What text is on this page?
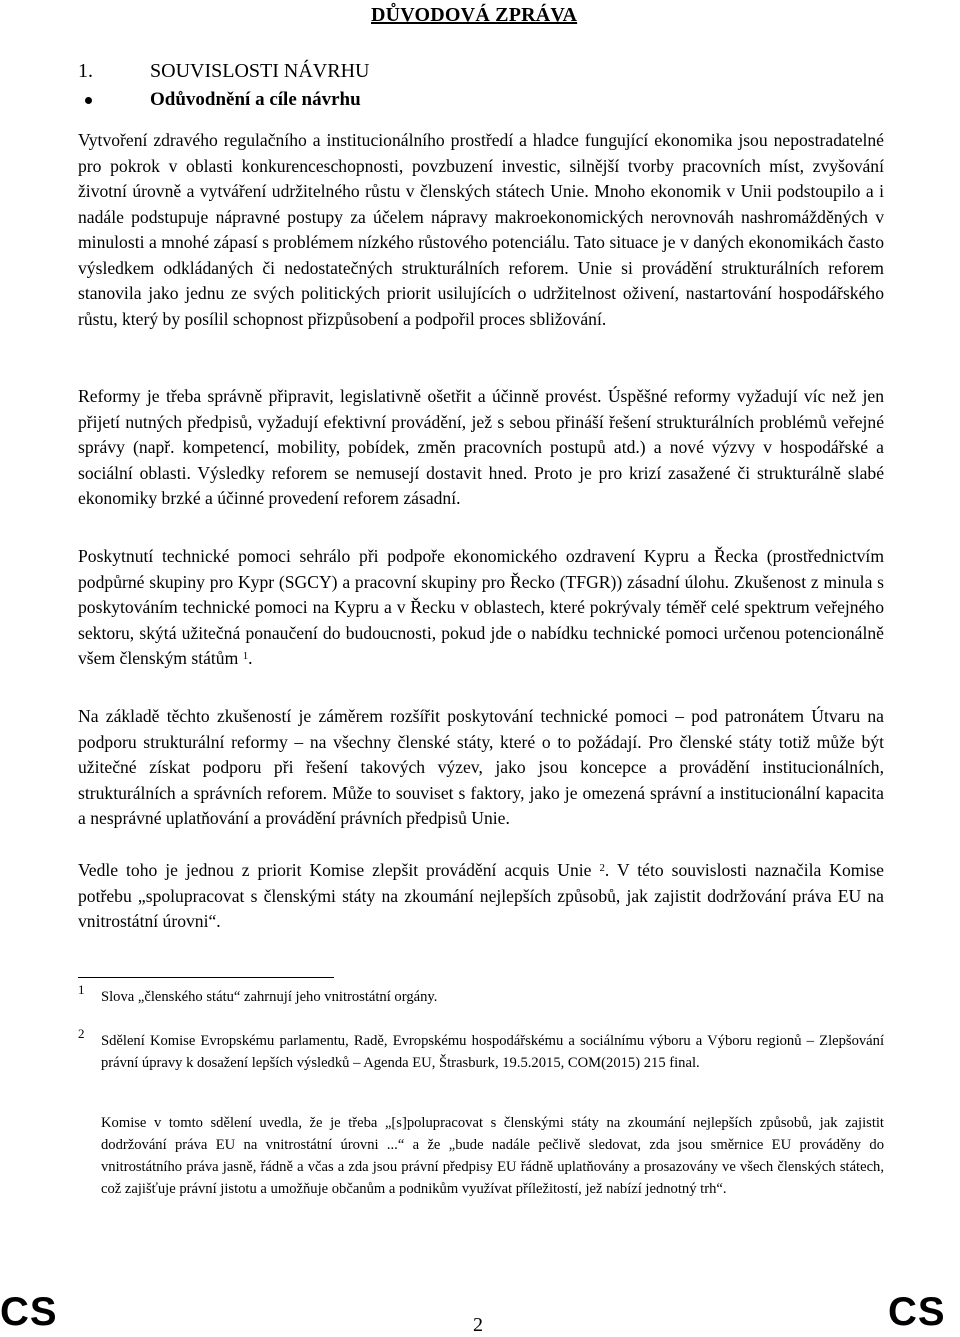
DŮVODOVÁ ZPRÁVA
1.	SOUVISLOSTI NÁVRHU
Odůvodnění a cíle návrhu

Vytvoření zdravého regulačního a institucionálního prostředí a hladce fungující ekonomika jsou nepostradatelné pro pokrok v oblasti konkurenceschopnosti, povzbuzení investic, silnější tvorby pracovních míst, zvyšování životní úrovně a vytváření udržitelného růstu v členských státech Unie. Mnoho ekonomik v Unii podstoupilo a i nadále podstupuje nápravné postupy za účelem nápravy makroekonomických nerovnováh nashromážděných v minulosti a mnohé zápasí s problémem nízkého růstového potenciálu. Tato situace je v daných ekonomikách často výsledkem odkládaných či nedostatečných strukturálních reforem. Unie si provádění strukturálních reforem stanovila jako jednu ze svých politických priorit usilujících o udržitelnost oživení, nastartování hospodářského růstu, který by posílil schopnost přizpůsobení a podpořil proces sbližování.

Reformy je třeba správně připravit, legislativně ošetřit a účinně provést. Úspěšné reformy vyžadují víc než jen přijetí nutných předpisů, vyžadují efektivní provádění, jež s sebou přináší řešení strukturálních problémů veřejné správy (např. kompetencí, mobility, pobídek, změn pracovních postupů atd.) a nové výzvy v hospodářské a sociální oblasti. Výsledky reforem se nemusejí dostavit hned. Proto je pro krizí zasažené či strukturálně slabé ekonomiky brzké a účinné provedení reforem zásadní.

Poskytnutí technické pomoci sehrálo při podpoře ekonomického ozdravení Kypru a Řecka (prostřednictvím podpůrné skupiny pro Kypr (SGCY) a pracovní skupiny pro Řecko (TFGR)) zásadní úlohu. Zkušenost z minula s poskytováním technické pomoci na Kypru a v Řecku v oblastech, které pokrývaly téměř celé spektrum veřejného sektoru, skýtá užitečná ponaučení do budoucnosti, pokud jde o nabídku technické pomoci určenou potencionálně všem členským státům $^1$.

Na základě těchto zkušeností je záměrem rozšířit poskytování technické pomoci – pod patronátem Útvaru na podporu strukturální reformy – na všechny členské státy, které o to požádají. Pro členské státy totiž může být užitečné získat podporu při řešení takových výzev, jako jsou koncepce a provádění institucionálních, strukturálních a správních reforem. Může to souviset s faktory, jako je omezená správní a institucionální kapacita a nesprávné uplatňování a provádění právních předpisů Unie.

Vedle toho je jednou z priorit Komise zlepšit provádění acquis Unie $^2$. V této souvislosti naznačila Komise potřebu „spolupracovat s členskými státy na zkoumání nejlepších způsobů, jak zajistit dodržování práva EU na vnitrostátní úrovni“.

1 Slova „členského státu“ zahrnují jeho vnitrostátní orgány.

2 Sdělení Komise Evropskému parlamentu, Radě, Evropskému hospodářskému a sociálnímu výboru a Výboru regionů – Zlepšování právní úpravy k dosažení lepších výsledků – Agenda EU, Štrasburk, 19.5.2015, COM(2015) 215 final.

Komise v tomto sdělení uvedla, že je třeba „[s]polupracovat s členskými státy na zkoumání nejlepších způsobů, jak zajistit dodržování práva EU na vnitrostátní úrovni ...“ a že „bude nadále pečlivě sledovat, zda jsou směrnice EU prováděny do vnitrostátního práva jasně, řádně a včas a zda jsou právní předpisy EU řádně uplatňovány a prosazovány ve všech členských státech, což zajišťuje právní jistotu a umožňuje občanům a podnikům využívat příležitostí, jež nabízí jednotný trh“.

CS	2	CS
